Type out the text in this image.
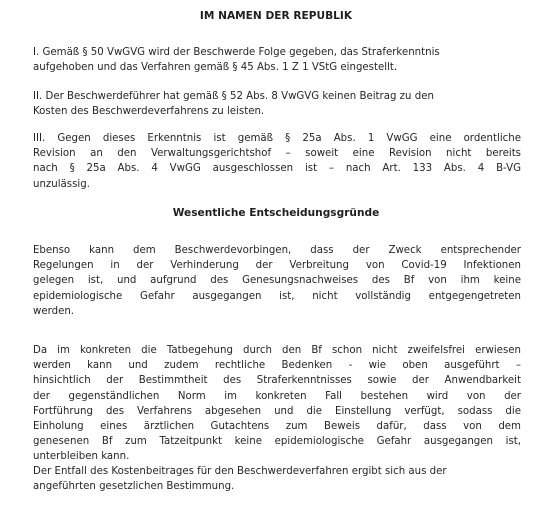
IM NAMEN DER REPUBLIK
I. Gemäß § 50 VwGVG wird der Beschwerde Folge gegeben, das Straferkenntnis
aufgehoben und das Verfahren gemäß § 45 Abs. 1 Z 1 VStG eingestellt.
II. Der Beschwerdeführer hat gemäß § 52 Abs. 8 VwGVG keinen Beitrag zu den
Kosten des Beschwerdeverfahrens zu leisten.
III. Gegen dieses Erkenntnis ist gemäß § 25a Abs. 1 VwGG eine ordentliche
Revision an den Verwaltungsgerichtshof – soweit eine Revision nicht bereits
nach § 25a Abs. 4 VwGG ausgeschlossen ist – nach Art. 133 Abs. 4 B-VG
unzulässig.
Wesentliche Entscheidungsgründe
Ebenso kann dem Beschwerdevorbingen, dass der Zweck entsprechender
Regelungen in der Verhinderung der Verbreitung von Covid-19 Infektionen
gelegen ist, und aufgrund des Genesungsnachweises des Bf von ihm keine
epidemiologische Gefahr ausgegangen ist, nicht vollständig entgegengetreten
werden.
Da im konkreten die Tatbegehung durch den Bf schon nicht zweifelsfrei erwiesen
werden kann und zudem rechtliche Bedenken - wie oben ausgeführt –
hinsichtlich der Bestimmtheit des Straferkenntnisses sowie der Anwendbarkeit
der gegenständlichen Norm im konkreten Fall bestehen wird von der
Fortführung des Verfahrens abgesehen und die Einstellung verfügt, sodass die
Einholung eines ärztlichen Gutachtens zum Beweis dafür, dass von dem
genesenen Bf zum Tatzeitpunkt keine epidemiologische Gefahr ausgegangen ist,
unterbleiben kann.
Der Entfall des Kostenbeitrages für den Beschwerdeverfahren ergibt sich aus der
angeführten gesetzlichen Bestimmung.
